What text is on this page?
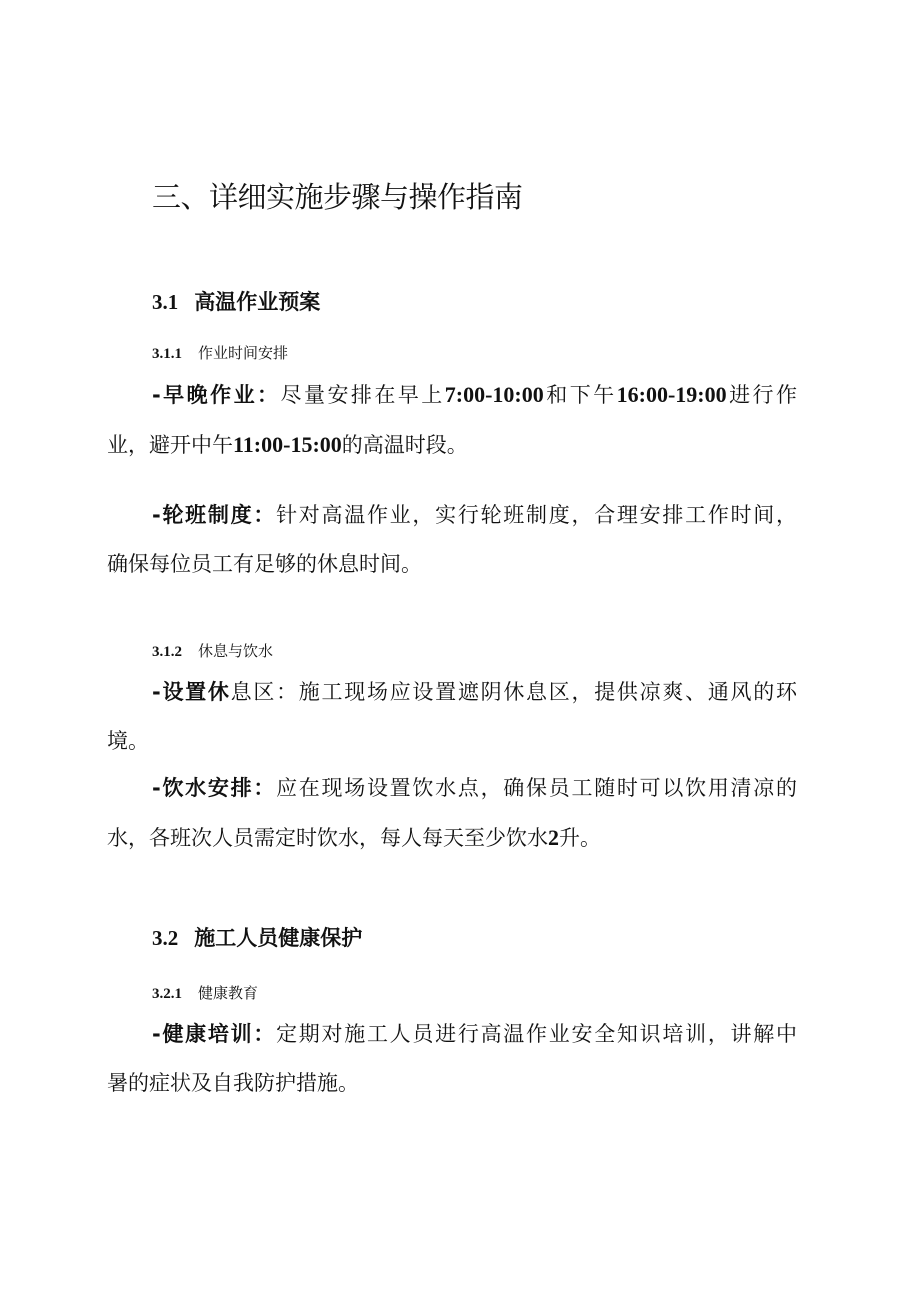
三、详细实施步骤与操作指南
3.1 高温作业预案
3.1.1 作业时间安排
-早晚作业：尽量安排在早上7:00-10:00和下午16:00-19:00进行作
业，避开中午11:00-15:00的高温时段。
-轮班制度：针对高温作业，实行轮班制度，合理安排工作时间，
确保每位员工有足够的休息时间。
3.1.2 休息与饮水
-设置休息区：施工现场应设置遮阴休息区，提供凉爽、通风的环
境。
-饮水安排：应在现场设置饮水点，确保员工随时可以饮用清凉的
水，各班次人员需定时饮水，每人每天至少饮水2升。
3.2 施工人员健康保护
3.2.1 健康教育
-健康培训：定期对施工人员进行高温作业安全知识培训，讲解中
暑的症状及自我防护措施。
